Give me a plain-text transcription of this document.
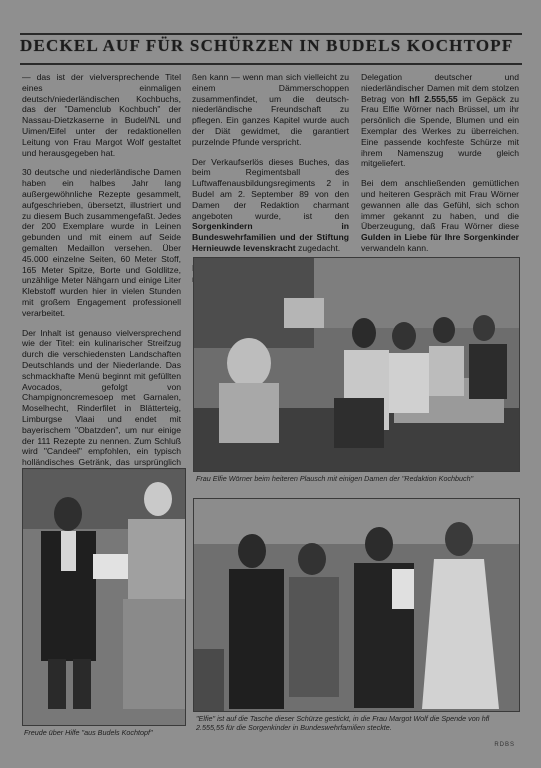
DECKEL AUF FÜR SCHÜRZEN IN BUDELS KOCHTOPF

— das ist der vielversprechende Titel eines einmaligen deutsch/niederländischen Kochbuchs, das der "Damenclub Kochbuch" der Nassau-Dietzkaserne in Budel/NL und Uimen/Eifel unter der redaktionellen Leitung von Frau Margot Wolf gestaltet und herausgegeben hat.

30 deutsche und niederländische Damen haben ein halbes Jahr lang außergewöhnliche Rezepte gesammelt, aufgeschrieben, übersetzt, illustriert und zu diesem Buch zusammengefaßt. Jedes der 200 Exemplare wurde in Leinen gebunden und mit einem auf Seide gemalten Medaillon versehen. Über 45.000 einzelne Seiten, 60 Meter Stoff, 165 Meter Spitze, Borte und Goldlitze, unzählige Meter Nähgarn und einige Liter Klebstoff wurden hier in vielen Stunden mit großem Engagement professionell verarbeitet.

Der Inhalt ist genauso vielversprechend wie der Titel: ein kulinarischer Streifzug durch die verschiedensten Landschaften Deutschlands und der Niederlande. Das schmackhafte Menü beginnt mit gefüllten Avocados, gefolgt von Champignoncremesoep met Garnalen, Moselhecht, Rinderfilet in Blätterteig, Limburgse Vlaai und endet mit bayerischem "Obatzden", um nur einige der 111 Rezepte zu nennen. Zum Schluß wird "Candeel" empfohlen, ein typisch holländisches Getränk, das ursprünglich

ßen kann — wenn man sich vielleicht zu einem Dämmerschoppen zusammenfindet, um die deutsch-niederländische Freundschaft zu pflegen. Ein ganzes Kapitel wurde auch der Diät gewidmet, die garantiert purzelnde Pfunde verspricht.

Der Verkaufserlös dieses Buches, das beim Regimentsball des Luftwaffenausbildungsregiments 2 in Budel am 2. September 89 von den Damen der Redaktion charmant angeboten wurde, ist den Sorgenkindern in Bundeswehrfamilien und der Stiftung Hernieuwde levenskracht zugedacht.

Delegation deutscher und niederländischer Damen mit dem stolzen Betrag von hfl 2.555,55 im Gepäck zu Frau Elfie Wörner nach Brüssel, um ihr persönlich die Spende, Blumen und ein Exemplar des Werkes zu überreichen. Eine passende kochfeste Schürze mit ihrem Namenszug wurde gleich mitgeliefert.

Bei dem anschließenden gemütlichen und heiteren Gespräch mit Frau Wörner gewannen alle das Gefühl, sich schon immer gekannt zu haben, und die Überzeugung, daß Frau Wörner diese Gulden in Liebe für Ihre Sorgenkinder verwandeln kann.

Frau Elfie Wörner beim heiteren Plausch mit einigen Damen der "Redaktion Kochbuch"
Freude über Hilfe "aus Budels Kochtopf"
"Elfie" ist auf die Tasche dieser Schürze gestickt, in die Frau Margot Wolf die Spende von hfl 2.555,55 für die Sorgenkinder in Bundeswehrfamilien steckte.
RDBS
